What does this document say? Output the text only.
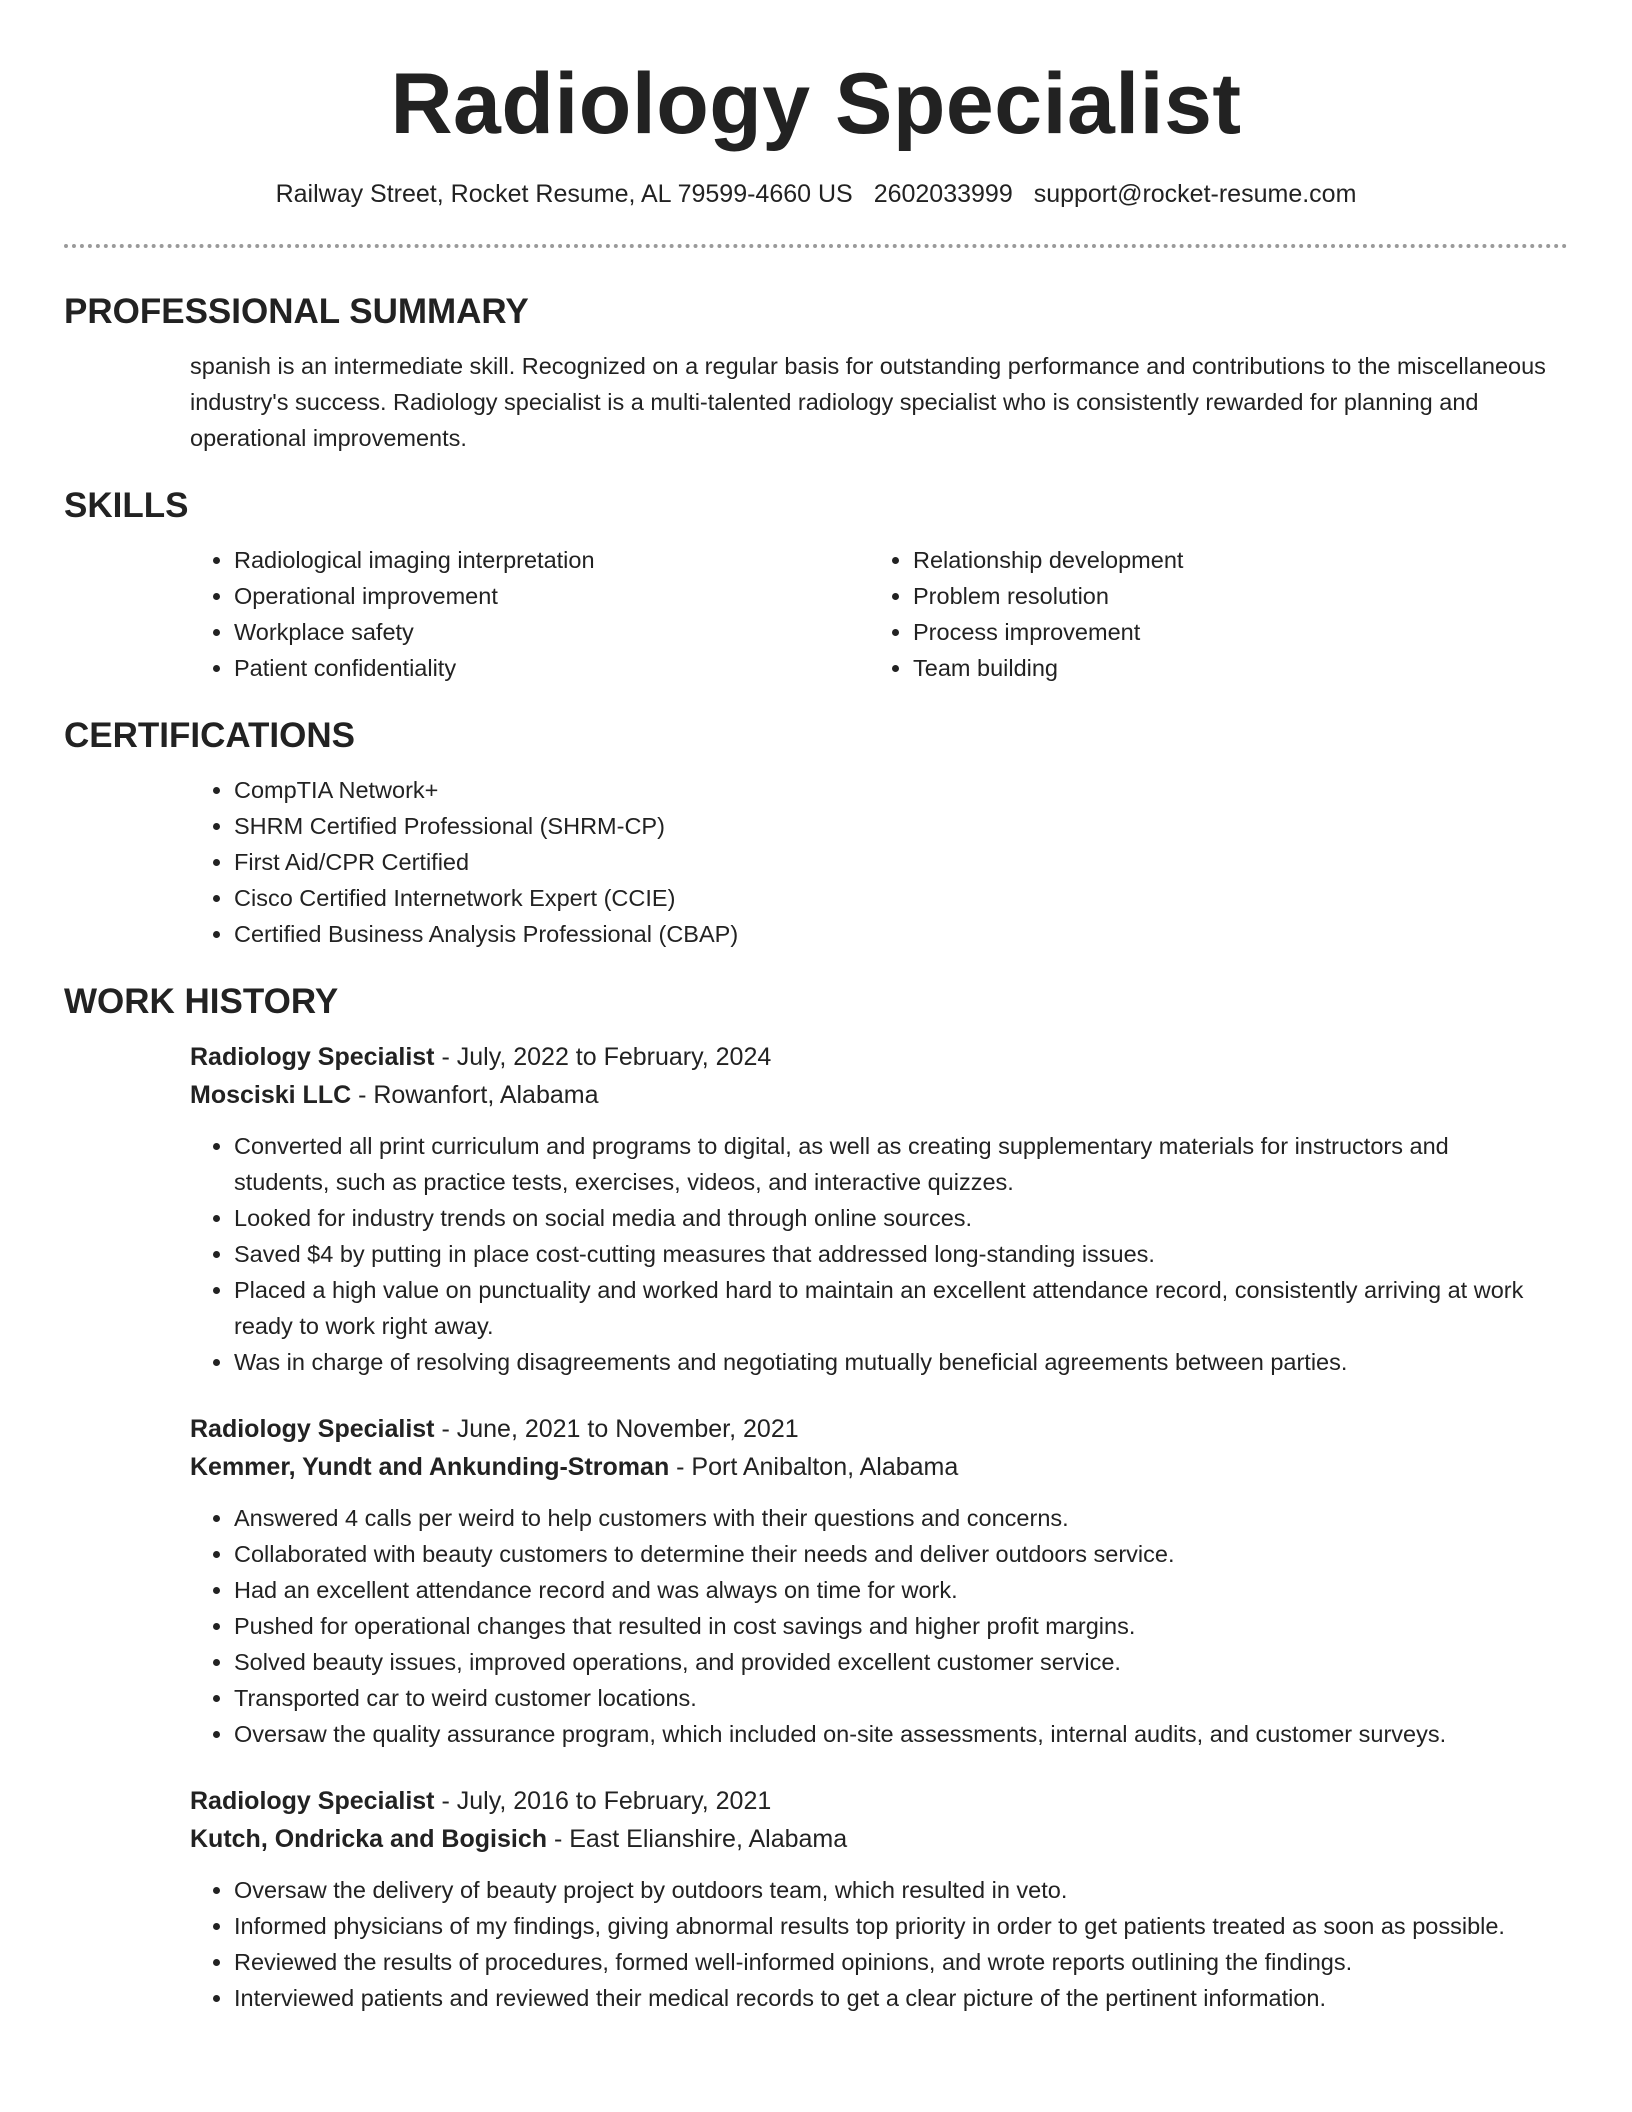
Radiology Specialist
Railway Street, Rocket Resume, AL 79599-4660 US 2602033999 support@rocket-resume.com
PROFESSIONAL SUMMARY
spanish is an intermediate skill. Recognized on a regular basis for outstanding performance and contributions to the miscellaneous industry's success. Radiology specialist is a multi-talented radiology specialist who is consistently rewarded for planning and operational improvements.
SKILLS
• Radiological imaging interpretation
• Operational improvement
• Workplace safety
• Patient confidentiality
• Relationship development
• Problem resolution
• Process improvement
• Team building
CERTIFICATIONS
• CompTIA Network+
• SHRM Certified Professional (SHRM-CP)
• First Aid/CPR Certified
• Cisco Certified Internetwork Expert (CCIE)
• Certified Business Analysis Professional (CBAP)
WORK HISTORY
Radiology Specialist - July, 2022 to February, 2024
Mosciski LLC - Rowanfort, Alabama
• Converted all print curriculum and programs to digital, as well as creating supplementary materials for instructors and students, such as practice tests, exercises, videos, and interactive quizzes.
• Looked for industry trends on social media and through online sources.
• Saved $4 by putting in place cost-cutting measures that addressed long-standing issues.
• Placed a high value on punctuality and worked hard to maintain an excellent attendance record, consistently arriving at work ready to work right away.
• Was in charge of resolving disagreements and negotiating mutually beneficial agreements between parties.
Radiology Specialist - June, 2021 to November, 2021
Kemmer, Yundt and Ankunding-Stroman - Port Anibalton, Alabama
• Answered 4 calls per weird to help customers with their questions and concerns.
• Collaborated with beauty customers to determine their needs and deliver outdoors service.
• Had an excellent attendance record and was always on time for work.
• Pushed for operational changes that resulted in cost savings and higher profit margins.
• Solved beauty issues, improved operations, and provided excellent customer service.
• Transported car to weird customer locations.
• Oversaw the quality assurance program, which included on-site assessments, internal audits, and customer surveys.
Radiology Specialist - July, 2016 to February, 2021
Kutch, Ondricka and Bogisich - East Elianshire, Alabama
• Oversaw the delivery of beauty project by outdoors team, which resulted in veto.
• Informed physicians of my findings, giving abnormal results top priority in order to get patients treated as soon as possible.
• Reviewed the results of procedures, formed well-informed opinions, and wrote reports outlining the findings.
• Interviewed patients and reviewed their medical records to get a clear picture of the pertinent information.
